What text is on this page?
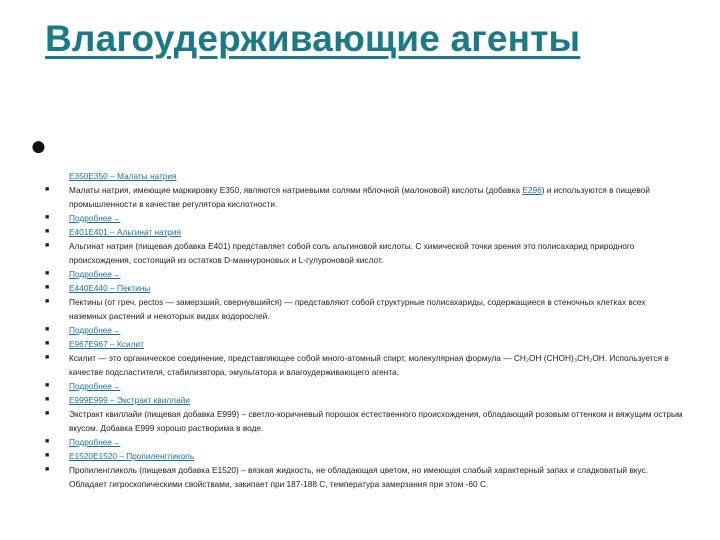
Влагоудерживающие агенты
●
E350E350 – Малаты натрия
■ Малаты натрия, имеющие маркировку Е350, являются натриевыми солями яблочной (малоновой) кислоты (добавка Е296) и используются в пищевой промышленности в качестве регулятора кислотности.
■ Подробнее→
■ E401E401 – Альгинат натрия
■ Альгинат натрия (пищевая добавка Е401) представляет собой соль альгиновой кислоты. С химической точки зрения это полисахарид природного происхождения, состоящий из остатков D-маннуроновых и L-гулуроновой кислот.
■ Подробнее→
■ E440E440 – Пектины
■ Пектины (от греч. pectos — замерзший, свернувшийся) — представляют собой структурные полисахариды, содержащиеся в стеночных клетках всех наземных растений и некоторых видах водорослей.
■ Подробнее→
■ E967E967 – Ксилит
■ Ксилит — это органическое соединение, представляющее собой много-атомный спирт, молекулярная формула — CH₂OH (CHOH)₃CH₂OH. Используется в качестве подсластителя, стабилизатора, эмульгатора и влагоудерживающего агента.
■ Подробнее→
■ E999E999 – Экстракт квиллайи
■ Экстракт квиллайи (пищевая добавка Е999) – светло-коричневый порошок естественного происхождения, обладающий розовым оттенком и вяжущим острым вкусом. Добавка Е999 хорошо растворима в воде.
■ Подробнее→
■ E1520E1520 – Пропиленгликоль
■ Пропиленгликоль (пищевая добавка Е1520) – вязкая жидкость, не обладающая цветом, но имеющая слабый характерный запах и сладковатый вкус. Обладает гигроскопическими свойствами, закипает при 187-188 С, температура замерзания при этом -60 С.
